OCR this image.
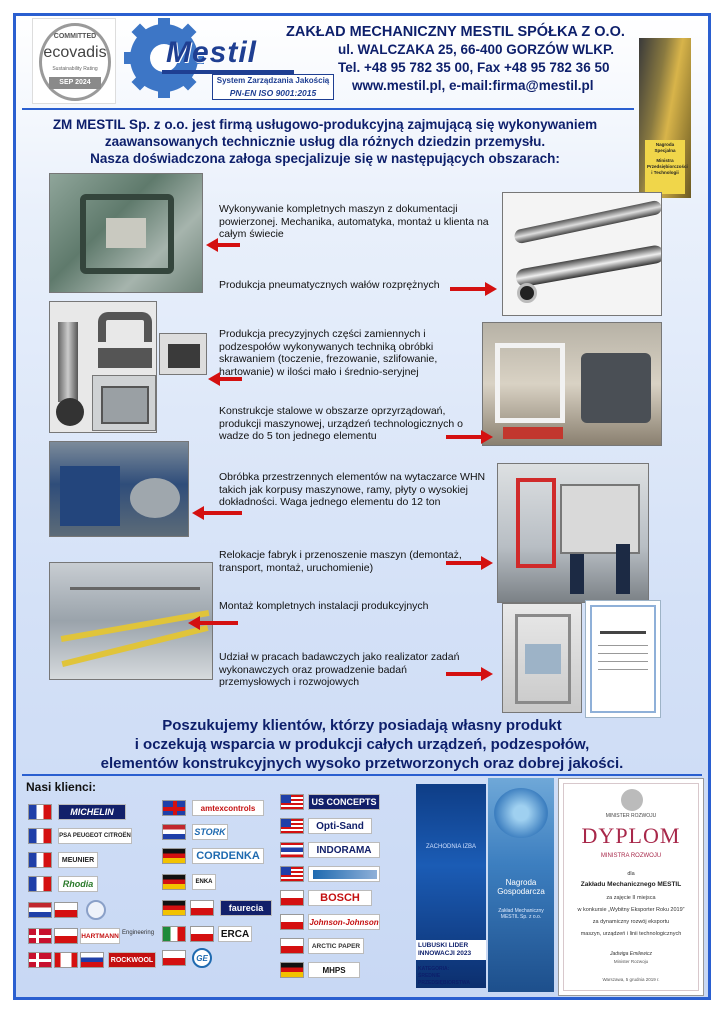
COMMITTED
ecovadis
Sustainability Rating
SEP 2024
Mestil
System Zarządzania Jakością
PN-EN ISO 9001:2015
ZAKŁAD MECHANICZNY MESTIL SPÓŁKA Z O.O.
ul. WALCZAKA 25, 66-400 GORZÓW WLKP.
Tel. +48 95 782 35 00, Fax +48 95 782 36 50
www.mestil.pl, e-mail:firma@mestil.pl
Nagroda Specjalna
Ministra Przedsiębiorczości i Technologii
ZM MESTIL Sp. z o.o. jest firmą usługowo-produkcyjną zajmującą się wykonywaniem
zaawansowanych technicznie usług dla różnych dziedzin przemysłu.
Nasza doświadczona załoga specjalizuje się w następujących obszarach:
Wykonywanie kompletnych maszyn z dokumentacji powierzonej. Mechanika, automatyka, montaż u klienta na całym świecie
Produkcja pneumatycznych wałów rozprężnych
Produkcja precyzyjnych części zamiennych i podzespołów wykonywanych techniką obróbki skrawaniem (toczenie, frezowanie, szlifowanie, hartowanie) w ilości mało i średnio-seryjnej
Konstrukcje stalowe w obszarze oprzyrządowań, produkcji maszynowej, urządzeń technologicznych o wadze do 5 ton jednego elementu
Obróbka przestrzennych elementów na wytaczarce WHN takich jak korpusy maszynowe, ramy, płyty o wysokiej dokładności. Waga jednego elementu do 12 ton
Relokacje fabryk i przenoszenie maszyn (demontaż, transport, montaż, uruchomienie)
Montaż kompletnych instalacji produkcyjnych
Udział w pracach badawczych jako realizator zadań wykonawczych oraz prowadzenie badań przemysłowych i rozwojowych
Poszukujemy klientów, którzy posiadają własny produkt
i oczekują wsparcia w produkcji całych urządzeń, podzespołów,
elementów konstrukcyjnych wysoko przetworzonych oraz dobrej jakości.
Nasi klienci:
MICHELIN
PSA PEUGEOT CITROËN
MEUNIER
Rhodia
HARTMANN Engineering
ROCKWOOL
amtexcontrols
STORK
CORDENKA
ENKA
faurecia
ERCA
GE
US CONCEPTS
Opti-Sand
INDORAMA
BOSCH
Johnson-Johnson
ARCTIC PAPER
MHPS
ZACHODNIA IZBA
LUBUSKI LIDER INNOWACJI 2023
KATEGORIA:
ŚREDNIE PRZEDSIĘBIORSTWA
Nagroda Gospodarcza
Zakład Mechaniczny MESTIL Sp. z o.o.
MINISTER ROZWOJU
DYPLOM
MINISTRA ROZWOJU
dla
Zakładu Mechanicznego MESTIL
za zajęcie II miejsca
w konkursie „Wybitny Eksporter Roku 2019”
za dynamiczny rozwój eksportu
maszyn, urządzeń i linii technologicznych
Jadwiga Emilewicz
Minister Rozwoju
Warszawa, 5 grudnia 2019 r.
